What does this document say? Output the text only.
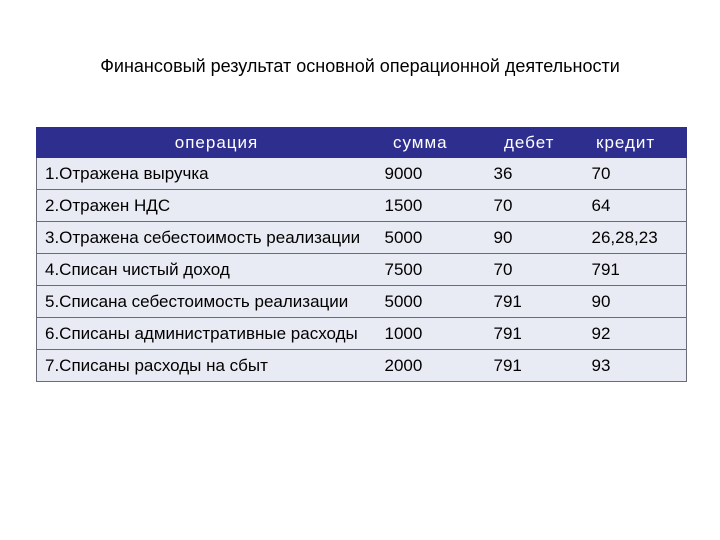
Финансовый результат основной операционной деятельности
операция	сумма	дебет	кредит

1.Отражена выручка	9000	36	70

2.Отражен НДС	1500	70	64

3.Отражена себестоимость реализации	5000	90	26,28,23

4.Списан чистый доход	7500	70	791

5.Списана себестоимость реализации	5000	791	90

6.Списаны административные расходы	1000	791	92

7.Списаны расходы на сбыт	2000	791	93
